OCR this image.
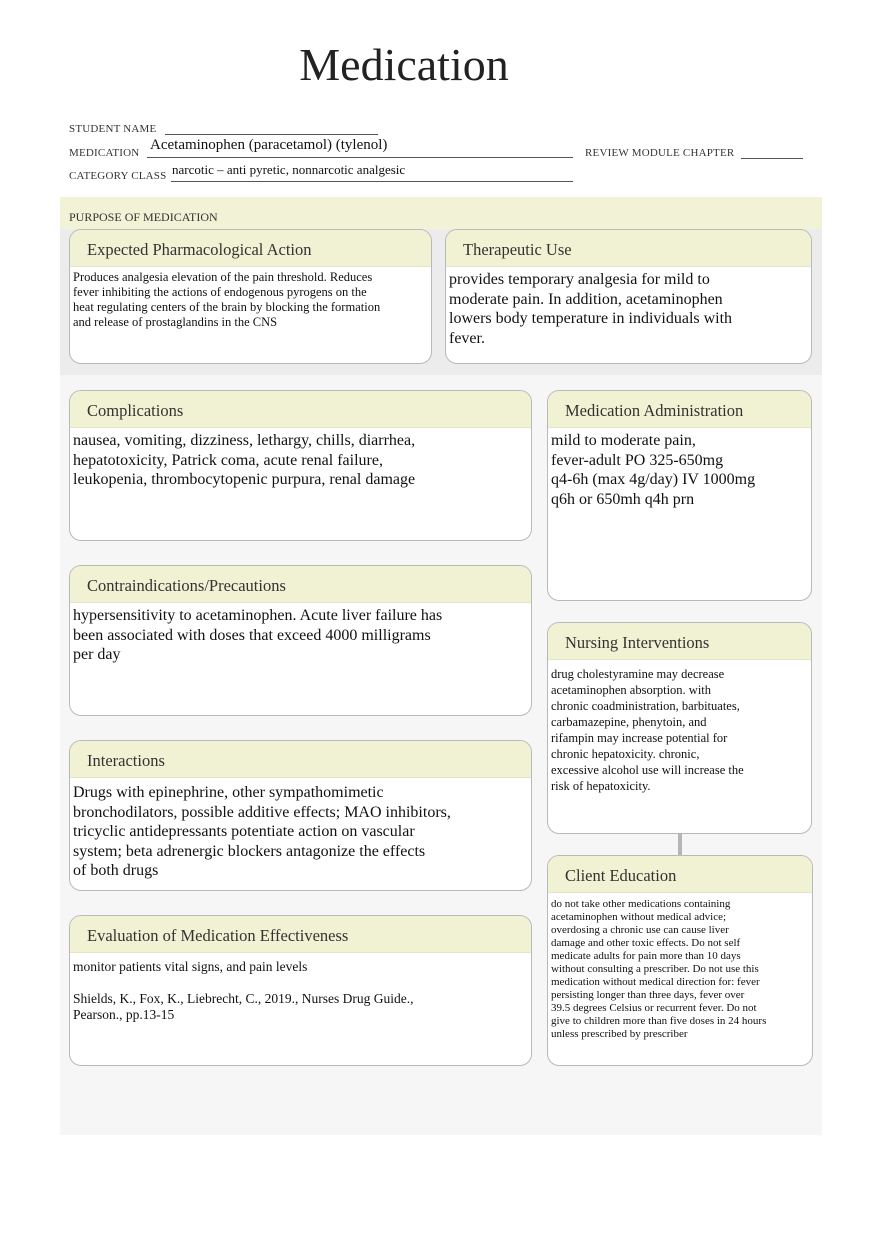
Medication
STUDENT NAME
MEDICATION Acetaminophen (paracetamol) (tylenol)	REVIEW MODULE CHAPTER
CATEGORY CLASS narcotic – anti pyretic, nonnarcotic analgesic
PURPOSE OF MEDICATION
Expected Pharmacological Action
Produces analgesia elevation of the pain threshold. Reduces
fever inhibiting the actions of endogenous pyrogens on the
heat regulating centers of the brain by blocking the formation
and release of prostaglandins in the CNS
Therapeutic Use
provides temporary analgesia for mild to
moderate pain. In addition, acetaminophen
lowers body temperature in individuals with
fever.
Complications
nausea, vomiting, dizziness, lethargy, chills, diarrhea,
hepatotoxicity, Patrick coma, acute renal failure,
leukopenia, thrombocytopenic purpura, renal damage
Medication Administration
mild to moderate pain,
fever-adult PO 325-650mg
q4-6h (max 4g/day) IV 1000mg
q6h or 650mh q4h prn
Contraindications/Precautions
hypersensitivity to acetaminophen. Acute liver failure has
been associated with doses that exceed 4000 milligrams
per day
Nursing Interventions
drug cholestyramine may decrease
acetaminophen absorption. with
chronic coadministration, barbituates,
carbamazepine, phenytoin, and
rifampin may increase potential for
chronic hepatoxicity. chronic,
excessive alcohol use will increase the
risk of hepatoxicity.
Interactions
Drugs with epinephrine, other sympathomimetic
bronchodilators, possible additive effects; MAO inhibitors,
tricyclic antidepressants potentiate action on vascular
system; beta adrenergic blockers antagonize the effects
of both drugs	Client Education
do not take other medications containing
acetaminophen without medical advice;
overdosing a chronic use can cause liver
damage and other toxic effects. Do not self
medicate adults for pain more than 10 days
without consulting a prescriber. Do not use this
medication without medical direction for: fever
persisting longer than three days, fever over
39.5 degrees Celsius or recurrent fever. Do not
give to children more than five doses in 24 hours
unless prescribed by prescriber
Evaluation of Medication Effectiveness
monitor patients vital signs, and pain levels
Shields, K., Fox, K., Liebrecht, C., 2019., Nurses Drug Guide.,
Pearson., pp.13-15
